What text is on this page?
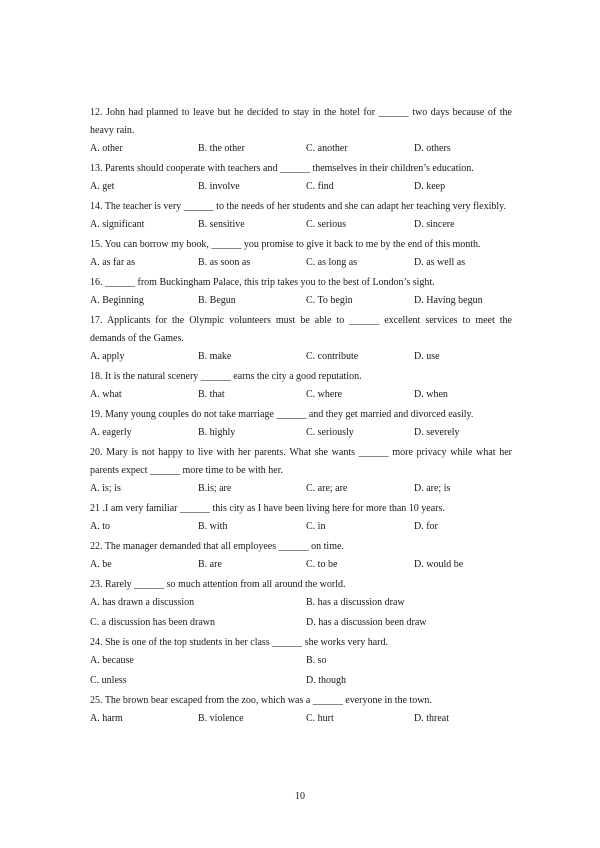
12. John had planned to leave but he decided to stay in the hotel for ______ two days because of the heavy rain.

A. other	B. the other	C. another	D. others

13. Parents should cooperate with teachers and ______ themselves in their children’s education.

A. get	B. involve	C. find	D. keep

14. The teacher is very ______ to the needs of her students and she can adapt her teaching very flexibly.

A. significant	B. sensitive	C. serious	D. sincere

15. You can borrow my book, ______ you promise to give it back to me by the end of this month.

A. as far as	B. as soon as	C. as long as	D. as well as

16. ______ from Buckingham Palace, this trip takes you to the best of London’s sight.

A. Beginning	B. Begun	C. To begin	D. Having begun

17. Applicants for the Olympic volunteers must be able to ______ excellent services to meet the demands of the Games.

A. apply	B. make	C. contribute	D. use

18. It is the natural scenery ______ earns the city a good reputation.

A. what	B. that	C. where	D. when

19. Many young couples do not take marriage ______ and they get married and divorced easily.

A. eagerly	B. highly	C. seriously	D. severely

20. Mary is not happy to live with her parents. What she wants ______ more privacy while what her parents expect ______ more time to be with her.

A. is; is	B.is; are	C. are; are	D. are; is

21 .I am very familiar ______ this city as I have been living here for more than 10 years.

A. to	B. with	C. in	D. for

22. The manager demanded that all employees ______ on time.

A. be	B. are	C. to be	D. would be

23. Rarely ______ so much attention from all around the world.

A. has drawn a discussion	B. has a discussion draw
C. a discussion has been drawn	D. has a discussion been draw

24. She is one of the top students in her class ______ she works very hard.

A. because	B. so
C. unless	D. though

25. The brown bear escaped from the zoo, which was a ______ everyone in the town.

A. harm	B. violence	C. hurt	D. threat
10
